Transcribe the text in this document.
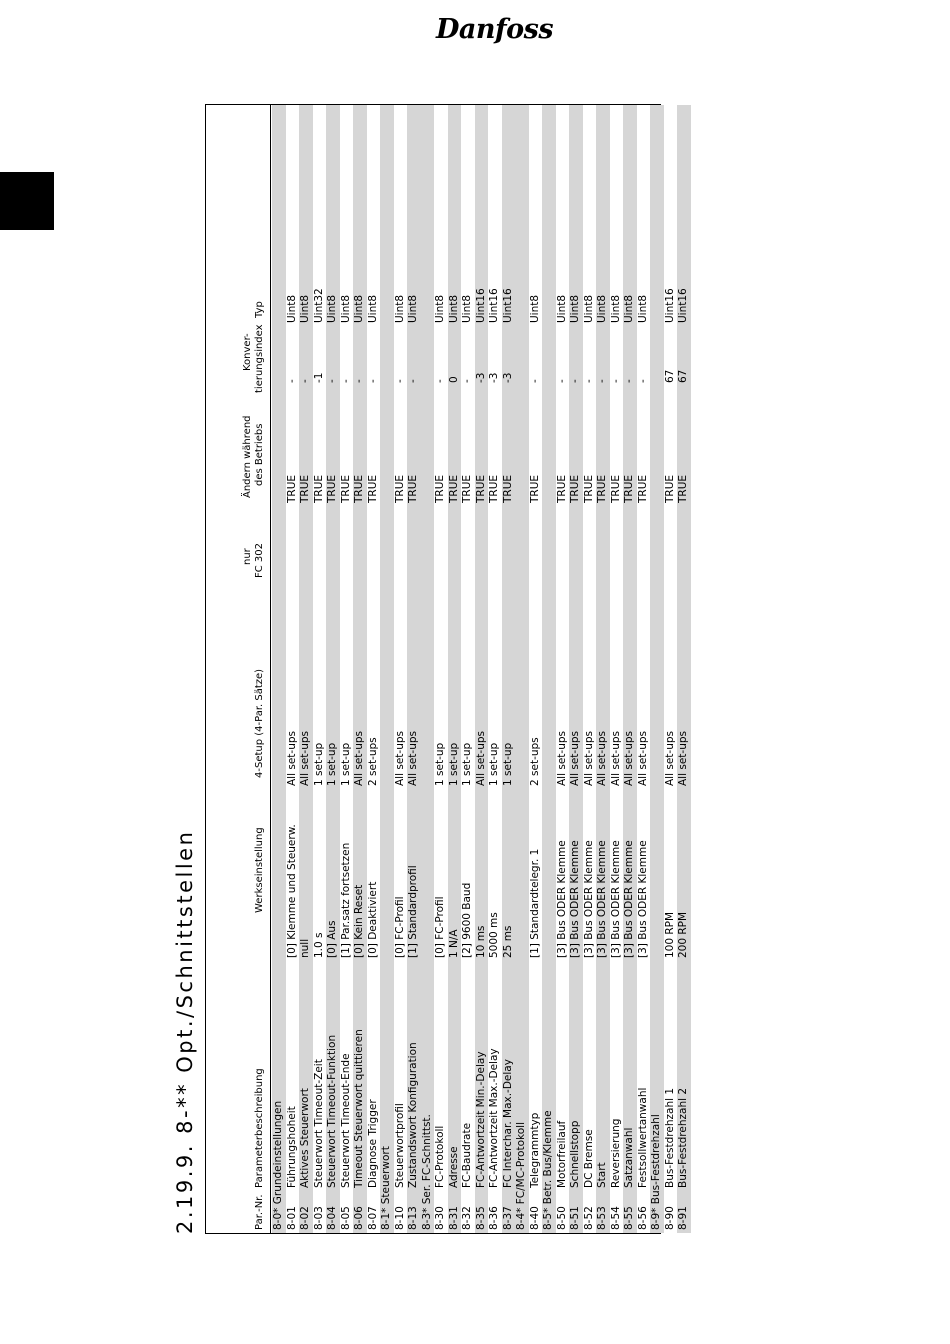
Danfoss
2.19.9. 8-** Opt./Schnittstellen	Par.-Nr.
Parameterbeschreibung
Werkseinstellung
4-Setup (4-Par. Sätze)
nur FC 302
Ändern während des Betriebs
Konver- tierungsindex
Typ
8-0* Grundeinstellungen 8-01
Führungshoheit
[0] Klemme und Steuerw.
All set-ups
TRUE
-
Uint8
8-02
Aktives Steuerwort
null
All set-ups
TRUE
-
Uint8
8-03
Steuerwort Timeout-Zeit
1.0 s
1 set-up
TRUE
-1
Uint32
8-04
Steuerwort Timeout-Funktion
[0] Aus
1 set-up
TRUE
-
Uint8
8-05
Steuerwort Timeout-Ende
[1] Par.satz fortsetzen
1 set-up
TRUE
-
Uint8
8-06
Timeout Steuerwort quittieren
[0] Kein Reset
All set-ups
TRUE
-
Uint8
8-07
Diagnose Trigger
[0] Deaktiviert
2 set-ups
TRUE
-
Uint8
8-1* Steuerwort 8-10
Steuerwortprofil
[0] FC-Profil
All set-ups
TRUE
-
Uint8
8-13
Zustandswort Konfiguration
[1] Standardprofil
All set-ups
TRUE
-
Uint8
8-3* Ser. FC-Schnittst. 8-30
FC-Protokoll
[0] FC-Profil
1 set-up
TRUE
-
Uint8
8-31
Adresse
1 N/A
1 set-up
TRUE
0
Uint8
8-32
FC-Baudrate
[2] 9600 Baud
1 set-up
TRUE
-
Uint8
8-35
FC-Antwortzeit Min.-Delay
10 ms
All set-ups
TRUE
-3
Uint16
8-36
FC-Antwortzeit Max.-Delay
5000 ms
1 set-up
TRUE
-3
Uint16
8-37
FC Interchar. Max.-Delay
25 ms
1 set-up
TRUE
-3
Uint16
8-4* FC/MC-Protokoll 8-40
Telegrammtyp
[1] Standardtelegr. 1
2 set-ups
TRUE
-
Uint8
8-5* Betr. Bus/Klemme 8-50
Motorfreilauf
[3] Bus ODER Klemme
All set-ups
TRUE
-
Uint8
8-51
Schnellstopp
[3] Bus ODER Klemme
All set-ups
TRUE
-
Uint8
8-52
DC Bremse
[3] Bus ODER Klemme
All set-ups
TRUE
-
Uint8
8-53
Start
[3] Bus ODER Klemme
All set-ups
TRUE
-
Uint8
8-54
Reversierung
[3] Bus ODER Klemme
All set-ups
TRUE
-
Uint8
8-55
Satzanwahl
[3] Bus ODER Klemme
All set-ups
TRUE
-
Uint8
8-56
Festsollwertanwahl
[3] Bus ODER Klemme
All set-ups
TRUE
-
Uint8
8-9* Bus-Festdrehzahl 8-90
Bus-Festdrehzahl 1
100 RPM
All set-ups
TRUE
67
Uint16
8-91
Bus-Festdrehzahl 2
200 RPM
All set-ups
TRUE
67
Uint16
